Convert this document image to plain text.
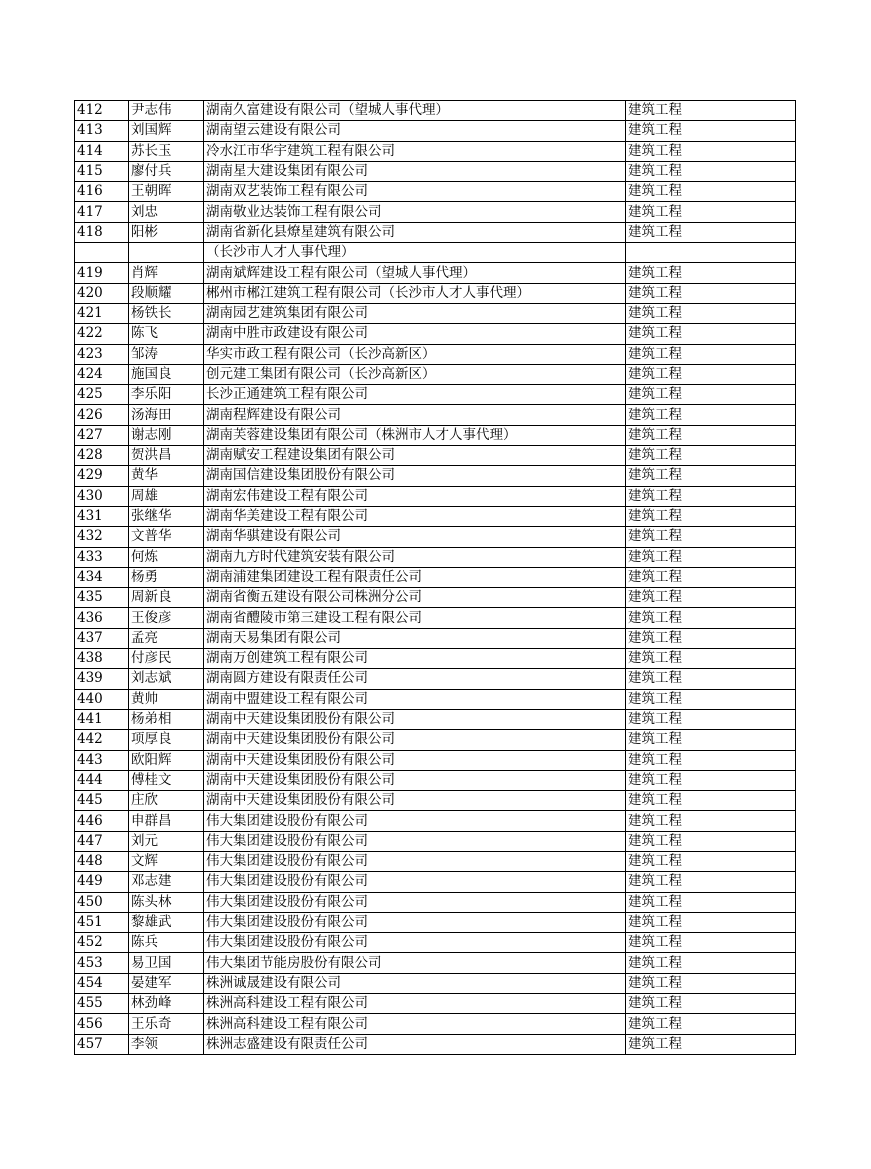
412	尹志伟	湖南久富建设有限公司（望城人事代理）	建筑工程
413	刘国辉	湖南望云建设有限公司	建筑工程
414	苏长玉	冷水江市华宇建筑工程有限公司	建筑工程
415	廖付兵	湖南星大建设集团有限公司	建筑工程
416	王朝晖	湖南双艺装饰工程有限公司	建筑工程
417	刘忠	湖南敬业达装饰工程有限公司	建筑工程
418	阳彬	湖南省新化县燎星建筑有限公司	建筑工程
		（长沙市人才人事代理）	
419	肖辉	湖南斌辉建设工程有限公司（望城人事代理）	建筑工程
420	段顺耀	郴州市郴江建筑工程有限公司（长沙市人才人事代理）	建筑工程
421	杨铁长	湖南园艺建筑集团有限公司	建筑工程
422	陈飞	湖南中胜市政建设有限公司	建筑工程
423	邹涛	华实市政工程有限公司（长沙高新区）	建筑工程
424	施国良	创元建工集团有限公司（长沙高新区）	建筑工程
425	李乐阳	长沙正通建筑工程有限公司	建筑工程
426	汤海田	湖南程辉建设有限公司	建筑工程
427	谢志刚	湖南芙蓉建设集团有限公司（株洲市人才人事代理）	建筑工程
428	贺洪昌	湖南赋安工程建设集团有限公司	建筑工程
429	黄华	湖南国信建设集团股份有限公司	建筑工程
430	周雄	湖南宏伟建设工程有限公司	建筑工程
431	张继华	湖南华美建设工程有限公司	建筑工程
432	文普华	湖南华骐建设有限公司	建筑工程
433	何炼	湖南九方时代建筑安装有限公司	建筑工程
434	杨勇	湖南浦建集团建设工程有限责任公司	建筑工程
435	周新良	湖南省衡五建设有限公司株洲分公司	建筑工程
436	王俊彦	湖南省醴陵市第三建设工程有限公司	建筑工程
437	孟亮	湖南天易集团有限公司	建筑工程
438	付彦民	湖南万创建筑工程有限公司	建筑工程
439	刘志斌	湖南圆方建设有限责任公司	建筑工程
440	黄帅	湖南中盟建设工程有限公司	建筑工程
441	杨弟相	湖南中天建设集团股份有限公司	建筑工程
442	项厚良	湖南中天建设集团股份有限公司	建筑工程
443	欧阳辉	湖南中天建设集团股份有限公司	建筑工程
444	傅桂文	湖南中天建设集团股份有限公司	建筑工程
445	庄欣	湖南中天建设集团股份有限公司	建筑工程
446	申群昌	伟大集团建设股份有限公司	建筑工程
447	刘元	伟大集团建设股份有限公司	建筑工程
448	文辉	伟大集团建设股份有限公司	建筑工程
449	邓志建	伟大集团建设股份有限公司	建筑工程
450	陈头林	伟大集团建设股份有限公司	建筑工程
451	黎雄武	伟大集团建设股份有限公司	建筑工程
452	陈兵	伟大集团建设股份有限公司	建筑工程
453	易卫国	伟大集团节能房股份有限公司	建筑工程
454	晏建军	株洲诚晟建设有限公司	建筑工程
455	林劲峰	株洲高科建设工程有限公司	建筑工程
456	王乐奇	株洲高科建设工程有限公司	建筑工程
457	李领	株洲志盛建设有限责任公司	建筑工程
